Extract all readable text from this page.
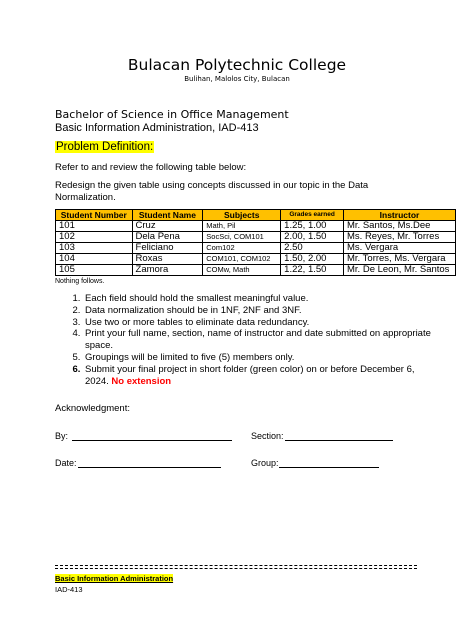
Bulacan Polytechnic College
Bulihan, Malolos City, Bulacan
Bachelor of Science in Office Management
Basic Information Administration, IAD-413
Problem Definition:
Refer to and review the following table below:
Redesign the given table using concepts discussed in our topic in the Data Normalization.
Student Number	Student Name	Subjects	Grades earned	Instructor
101	Cruz	Math, Pil	1.25, 1.00	Mr. Santos, Ms.Dee
102	Dela Pena	SocSci, COM101	2.00, 1.50	Ms. Reyes, Mr. Torres
103	Feliciano	Com102	2.50	Ms. Vergara
104	Roxas	COM101, COM102	1.50, 2.00	Mr. Torres, Ms. Vergara
105	Zamora	COMw, Math	1.22, 1.50	Mr. De Leon, Mr. Santos
Nothing follows.
1. Each field should hold the smallest meaningful value.
2. Data normalization should be in 1NF, 2NF and 3NF.
3. Use two or more tables to eliminate data redundancy.
4. Print your full name, section, name of instructor and date submitted on appropriate space.
5. Groupings will be limited to five (5) members only.
6. Submit your final project in short folder (green color) on or before December 6, 2024. No extension
Acknowledgment:
By:	Section:
Date:	Group:
Basic Information Administration
IAD-413
